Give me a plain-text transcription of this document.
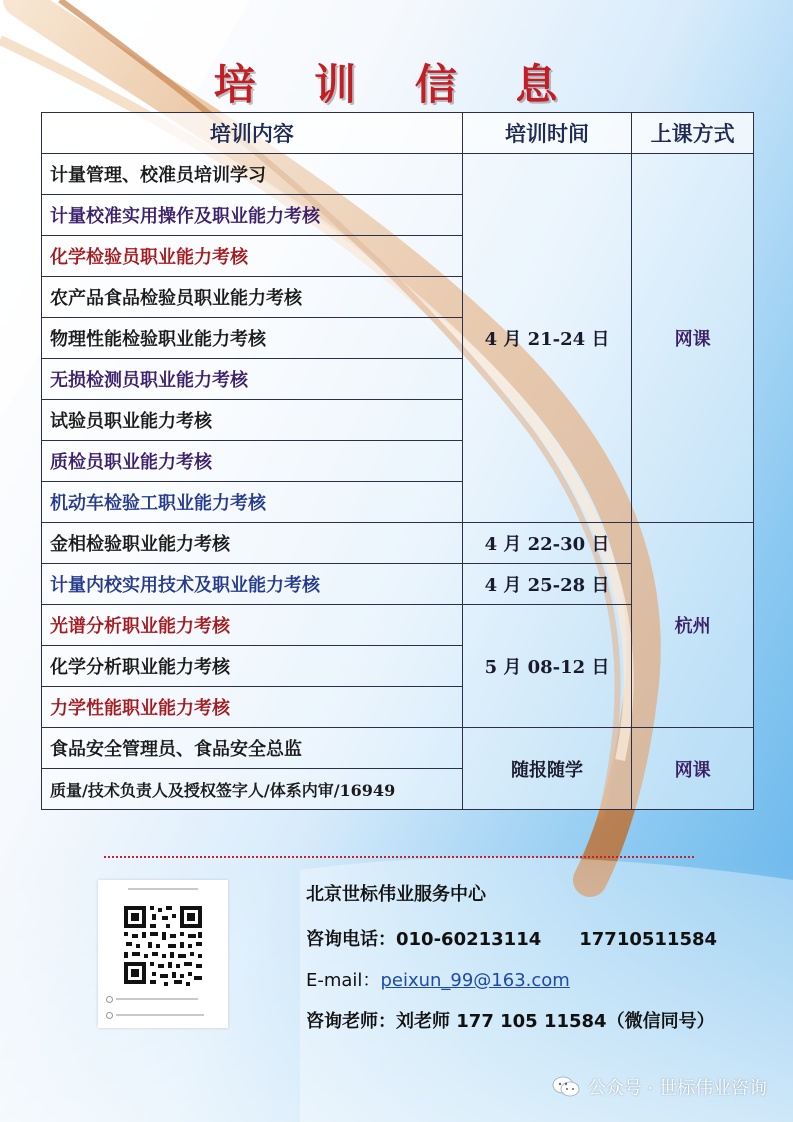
培 训 信 息
培训内容	培训时间	上课方式
计量管理、校准员培训学习	4 月 21-24 日	网课
计量校准实用操作及职业能力考核		
化学检验员职业能力考核		
农产品食品检验员职业能力考核		
物理性能检验职业能力考核		
无损检测员职业能力考核		
试验员职业能力考核		
质检员职业能力考核		
机动车检验工职业能力考核		
金相检验职业能力考核	4 月 22-30 日	杭州
计量内校实用技术及职业能力考核	4 月 25-28 日	
光谱分析职业能力考核	5 月 08-12 日	
化学分析职业能力考核		
力学性能职业能力考核		
食品安全管理员、食品安全总监	随报随学	网课
质量/技术负责人及授权签字人/体系内审/16949		
北京世标伟业服务中心
咨询电话：010-60213114 17710511584
E-mail：peixun_99@163.com
咨询老师：刘老师 177 105 11584（微信同号）
公众号 · 世标伟业咨询
